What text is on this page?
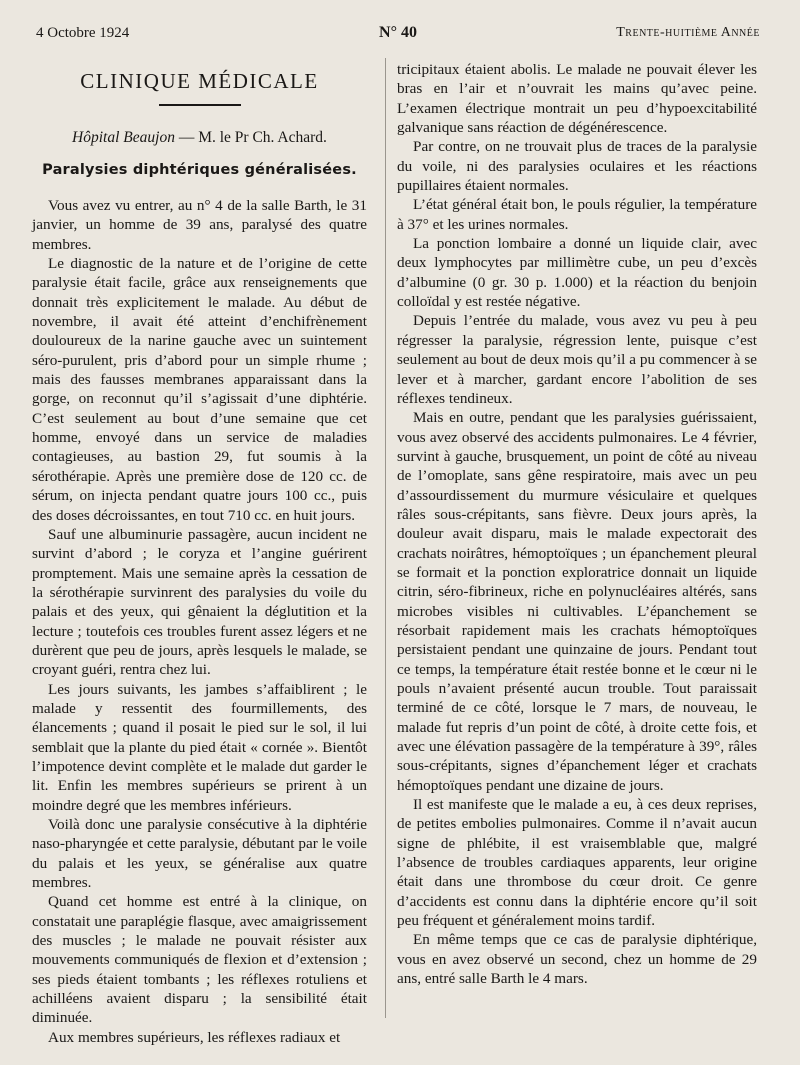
4 Octobre 1924	N° 40	Trente-huitième Année
CLINIQUE MÉDICALE
Hôpital Beaujon — M. le Pr Ch. Achard.
Paralysies diphtériques généralisées.

Vous avez vu entrer, au n° 4 de la salle Barth, le 31 janvier, un homme de 39 ans, paralysé des quatre membres.

Le diagnostic de la nature et de l’origine de cette paralysie était facile, grâce aux renseignements que donnait très explicitement le malade. Au début de novembre, il avait été atteint d’enchifrènement douloureux de la narine gauche avec un suintement séro-purulent, pris d’abord pour un simple rhume ; mais des fausses membranes apparaissant dans la gorge, on reconnut qu’il s’agissait d’une diphtérie. C’est seulement au bout d’une semaine que cet homme, envoyé dans un service de maladies contagieuses, au bastion 29, fut soumis à la sérothérapie. Après une première dose de 120 cc. de sérum, on injecta pendant quatre jours 100 cc., puis des doses décroissantes, en tout 710 cc. en huit jours.

Sauf une albuminurie passagère, aucun incident ne survint d’abord ; le coryza et l’angine guérirent promptement. Mais une semaine après la cessation de la sérothérapie survinrent des paralysies du voile du palais et des yeux, qui gênaient la déglutition et la lecture ; toutefois ces troubles furent assez légers et ne durèrent que peu de jours, après lesquels le malade, se croyant guéri, rentra chez lui.

Les jours suivants, les jambes s’affaiblirent ; le malade y ressentit des fourmillements, des élancements ; quand il posait le pied sur le sol, il lui semblait que la plante du pied était « cornée ». Bientôt l’impotence devint complète et le malade dut garder le lit. Enfin les membres supérieurs se prirent à un moindre degré que les membres inférieurs.

Voilà donc une paralysie consécutive à la diphtérie naso-pharyngée et cette paralysie, débutant par le voile du palais et les yeux, se généralise aux quatre membres.

Quand cet homme est entré à la clinique, on constatait une paraplégie flasque, avec amaigrissement des muscles ; le malade ne pouvait résister aux mouvements communiqués de flexion et d’extension ; ses pieds étaient tombants ; les réflexes rotuliens et achilléens avaient disparu ; la sensibilité était diminuée.

Aux membres supérieurs, les réflexes radiaux et

tricipitaux étaient abolis. Le malade ne pouvait élever les bras en l’air et n’ouvrait les mains qu’avec peine. L’examen électrique montrait un peu d’hypoexcitabilité galvanique sans réaction de dégénérescence.

Par contre, on ne trouvait plus de traces de la paralysie du voile, ni des paralysies oculaires et les réactions pupillaires étaient normales.

L’état général était bon, le pouls régulier, la température à 37° et les urines normales.

La ponction lombaire a donné un liquide clair, avec deux lymphocytes par millimètre cube, un peu d’excès d’albumine (0 gr. 30 p. 1.000) et la réaction du benjoin colloïdal y est restée négative.

Depuis l’entrée du malade, vous avez vu peu à peu régresser la paralysie, régression lente, puisque c’est seulement au bout de deux mois qu’il a pu commencer à se lever et à marcher, gardant encore l’abolition de ses réflexes tendineux.

Mais en outre, pendant que les paralysies guérissaient, vous avez observé des accidents pulmonaires. Le 4 février, survint à gauche, brusquement, un point de côté au niveau de l’omoplate, sans gêne respiratoire, mais avec un peu d’assourdissement du murmure vésiculaire et quelques râles sous-crépitants, sans fièvre. Deux jours après, la douleur avait disparu, mais le malade expectorait des crachats noirâtres, hémoptoïques ; un épanchement pleural se formait et la ponction exploratrice donnait un liquide citrin, séro-fibrineux, riche en polynucléaires altérés, sans microbes visibles ni cultivables. L’épanchement se résorbait rapidement mais les crachats hémoptoïques persistaient pendant une quinzaine de jours. Pendant tout ce temps, la température était restée bonne et le cœur ni le pouls n’avaient présenté aucun trouble. Tout paraissait terminé de ce côté, lorsque le 7 mars, de nouveau, le malade fut repris d’un point de côté, à droite cette fois, et avec une élévation passagère de la température à 39°, râles sous-crépitants, signes d’épanchement léger et crachats hémoptoïques pendant une dizaine de jours.

Il est manifeste que le malade a eu, à ces deux reprises, de petites embolies pulmonaires. Comme il n’avait aucun signe de phlébite, il est vraisemblable que, malgré l’absence de troubles cardiaques apparents, leur origine était dans une thrombose du cœur droit. Ce genre d’accidents est connu dans la diphtérie encore qu’il soit peu fréquent et généralement moins tardif.

En même temps que ce cas de paralysie diphtérique, vous en avez observé un second, chez un homme de 29 ans, entré salle Barth le 4 mars.
